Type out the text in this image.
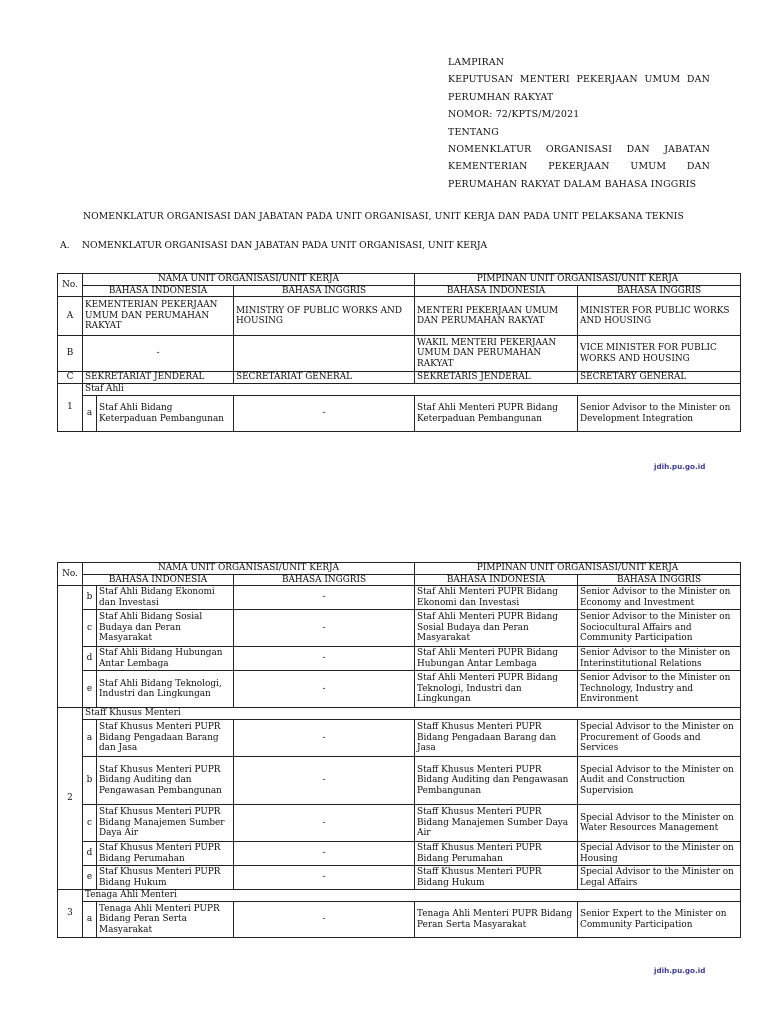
LAMPIRAN
KEPUTUSAN MENTERI PEKERJAAN UMUM DAN
PERUMHAN RAKYAT
NOMOR: 72/KPTS/M/2021
TENTANG
NOMENKLATUR ORGANISASI DAN JABATAN
KEMENTERIAN PEKERJAAN UMUM DAN
PERUMAHAN RAKYAT DALAM BAHASA INGGRIS
NOMENKLATUR ORGANISASI DAN JABATAN PADA UNIT ORGANISASI, UNIT KERJA DAN PADA UNIT PELAKSANA TEKNIS
A. NOMENKLATUR ORGANISASI DAN JABATAN PADA UNIT ORGANISASI, UNIT KERJA
No.	NAMA UNIT ORGANISASI/UNIT KERJA			PIMPINAN UNIT ORGANISASI/UNIT KERJA	
	BAHASA INDONESIA		BAHASA INGGRIS	BAHASA INDONESIA	BAHASA INGGRIS
A	KEMENTERIAN PEKERJAAN UMUM DAN PERUMAHAN RAKYAT		MINISTRY OF PUBLIC WORKS AND HOUSING	MENTERI PEKERJAAN UMUM DAN PERUMAHAN RAKYAT	MINISTER FOR PUBLIC WORKS AND HOUSING
B	-			WAKIL MENTERI PEKERJAAN UMUM DAN PERUMAHAN RAKYAT	VICE MINISTER FOR PUBLIC WORKS AND HOUSING
C	SEKRETARIAT JENDERAL		SECRETARIAT GENERAL	SEKRETARIS JENDERAL	SECRETARY GENERAL
1	Staf Ahli				
	a	Staf Ahli Bidang Keterpaduan Pembangunan	-	Staf Ahli Menteri PUPR Bidang Keterpaduan Pembangunan	Senior Advisor to the Minister on Development Integration
jdih.pu.go.id
No.	NAMA UNIT ORGANISASI/UNIT KERJA			PIMPINAN UNIT ORGANISASI/UNIT KERJA	
	BAHASA INDONESIA		BAHASA INGGRIS	BAHASA INDONESIA	BAHASA INGGRIS
	b	Staf Ahli Bidang Ekonomi dan Investasi	-	Staf Ahli Menteri PUPR Bidang Ekonomi dan Investasi	Senior Advisor to the Minister on Economy and Investment
	c	Staf Ahli Bidang Sosial Budaya dan Peran Masyarakat	-	Staf Ahli Menteri PUPR Bidang Sosial Budaya dan Peran Masyarakat	Senior Advisor to the Minister on Sociocultural Affairs and Community Participation
	d	Staf Ahli Bidang Hubungan Antar Lembaga	-	Staf Ahli Menteri PUPR Bidang Hubungan Antar Lembaga	Senior Advisor to the Minister on Interinstitutional Relations
	e	Staf Ahli Bidang Teknologi, Industri dan Lingkungan	-	Staf Ahli Menteri PUPR Bidang Teknologi, Industri dan Lingkungan	Senior Advisor to the Minister on Technology, Industry and Environment
2	Staff Khusus Menteri				
	a	Staf Khusus Menteri PUPR Bidang Pengadaan Barang dan Jasa	-	Staff Khusus Menteri PUPR Bidang Pengadaan Barang dan Jasa	Special Advisor to the Minister on Procurement of Goods and Services
	b	Staf Khusus Menteri PUPR Bidang Auditing dan Pengawasan Pembangunan	-	Staff Khusus Menteri PUPR Bidang Auditing dan Pengawasan Pembangunan	Special Advisor to the Minister on Audit and Construction Supervision
	c	Staf Khusus Menteri PUPR Bidang Manajemen Sumber Daya Air	-	Staff Khusus Menteri PUPR Bidang Manajemen Sumber Daya Air	Special Advisor to the Minister on Water Resources Management
	d	Staf Khusus Menteri PUPR Bidang Perumahan	-	Staff Khusus Menteri PUPR Bidang Perumahan	Special Advisor to the Minister on Housing
	e	Staf Khusus Menteri PUPR Bidang Hukum	-	Staff Khusus Menteri PUPR Bidang Hukum	Special Advisor to the Minister on Legal Affairs
3	Tenaga Ahli Menteri				
	a	Tenaga Ahli Menteri PUPR Bidang Peran Serta Masyarakat	-	Tenaga Ahli Menteri PUPR Bidang Peran Serta Masyarakat	Senior Expert to the Minister on Community Participation
jdih.pu.go.id
